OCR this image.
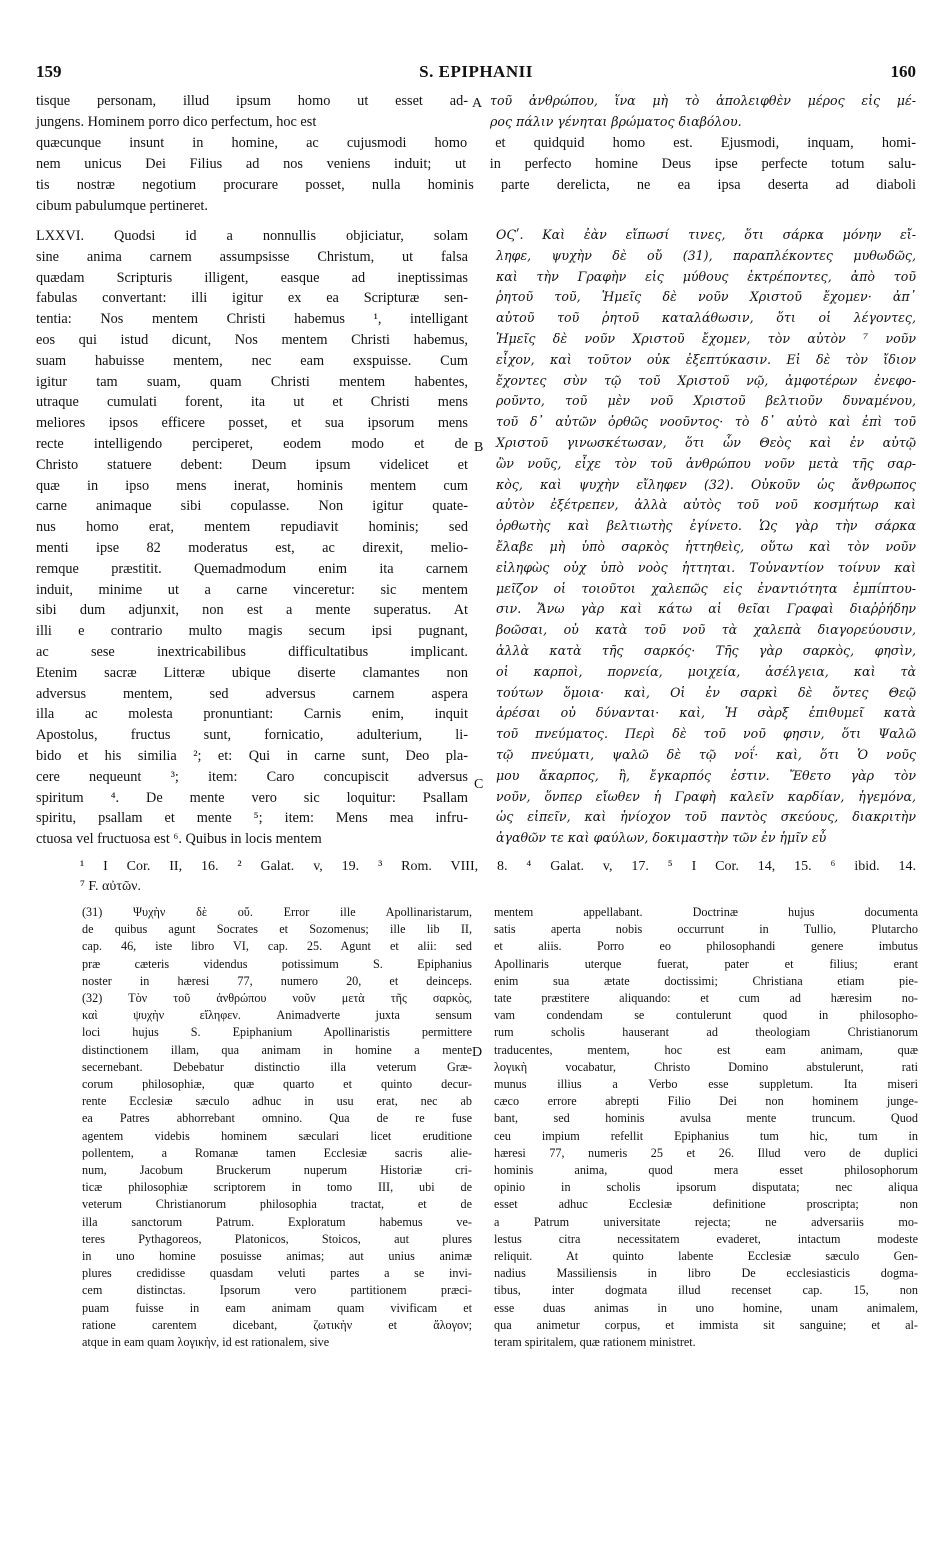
159	S. EPIPHANII	160
tisque personam, illud ipsum homo ut esset ad-
jungens. Hominem porro dico perfectum, hoc est
τοῦ ἀνθρώπου, ἵνα μὴ τὸ ἀπολειφθὲν μέρος εἰς μέ-
ρος πάλιν γένηται βρώματος διαβόλου.
A
quæcunque insunt in homine, ac cujusmodi homo et quidquid homo est. Ejusmodi, inquam, homi-
nem unicus Dei Filius ad nos veniens induit; ut in perfecto homine Deus ipse perfecte totum salu-
tis nostræ negotium procurare posset, nulla hominis parte derelicta, ne ea ipsa deserta ad diaboli
cibum pabulumque pertineret.
LXXVI. Quodsi id a nonnullis objiciatur, solam
sine anima carnem assumpsisse Christum, ut falsa
quædam Scripturis illigent, easque ad ineptissimas
fabulas convertant: illi igitur ex ea Scripturæ sen-
tentia: Nos mentem Christi habemus ¹, intelligant
eos qui istud dicunt, Nos mentem Christi habemus,
suam habuisse mentem, nec eam exspuisse. Cum
igitur tam suam, quam Christi mentem habentes,
utraque cumulati forent, ita ut et Christi mens
meliores ipsos efficere posset, et sua ipsorum mens
recte intelligendo perciperet, eodem modo et de
Christo statuere debent: Deum ipsum videlicet et
quæ in ipso mens inerat, hominis mentem cum
carne animaque sibi copulasse. Non igitur quate-
nus homo erat, mentem repudiavit hominis; sed
menti ipse 82 moderatus est, ac direxit, melio-
remque præstitit. Quemadmodum enim ita carnem
induit, minime ut a carne vinceretur: sic mentem
sibi dum adjunxit, non est a mente superatus. At
illi e contrario multo magis secum ipsi pugnant,
ac sese inextricabilibus difficultatibus implicant.
Etenim sacræ Litteræ ubique diserte clamantes non
adversus mentem, sed adversus carnem aspera
illa ac molesta pronuntiant: Carnis enim, inquit
Apostolus, fructus sunt, fornicatio, adulterium, li-
bido et his similia ²; et: Qui in carne sunt, Deo pla-
cere nequeunt ³; item: Caro concupiscit adversus
spiritum ⁴. De mente vero sic loquitur: Psallam
spiritu, psallam et mente ⁵; item: Mens mea infru-
ctuosa vel fructuosa est ⁶. Quibus in locis mentem
ΟϚʹ. Καὶ ἐὰν εἴπωσί τινες, ὅτι σάρκα μόνην εἴ-
ληφε, ψυχὴν δὲ οὔ (31), παραπλέκοντες μυθωδῶς,
καὶ τὴν Γραφὴν εἰς μύθους ἐκτρέποντες, ἀπὸ τοῦ
ῥητοῦ τοῦ, Ἡμεῖς δὲ νοῦν Χριστοῦ ἔχομεν· ἀπ᾽
αὐτοῦ τοῦ ῥητοῦ καταλάθωσιν, ὅτι οἱ λέγοντες,
Ἡμεῖς δὲ νοῦν Χριστοῦ ἔχομεν, τὸν αὐτὸν ⁷ νοῦν
εἶχον, καὶ τοῦτον οὐκ ἐξεπτύκασιν. Εἰ δὲ τὸν ἴδιον
ἔχοντες σὺν τῷ τοῦ Χριστοῦ νῷ, ἀμφοτέρων ἐνεφο-
ροῦντο, τοῦ μὲν νοῦ Χριστοῦ βελτιοῦν δυναμένου,
τοῦ δ᾽ αὐτῶν ὀρθῶς νοοῦντος· τὸ δ᾽ αὐτὸ καὶ ἐπὶ τοῦ
Χριστοῦ γινωσκέτωσαν, ὅτι ὧν Θεὸς καὶ ἐν αὐτῷ
ὢν νοῦς, εἶχε τὸν τοῦ ἀνθρώπου νοῦν μετὰ τῆς σαρ-
κὸς, καὶ ψυχὴν εἴληφεν (32). Οὐκοῦν ὡς ἄνθρωπος
αὐτὸν ἐξέτρεπεν, ἀλλὰ αὐτὸς τοῦ νοῦ κοσμήτωρ καὶ
ὀρθωτὴς καὶ βελτιωτὴς ἐγίνετο. Ὡς γὰρ τὴν σάρκα
ἔλαβε μὴ ὑπὸ σαρκὸς ἡττηθεὶς, οὕτω καὶ τὸν νοῦν
εἰληφὼς οὐχ ὑπὸ νοὸς ἡττηται. Τοὐναντίον τοίνυν καὶ
μεῖζον οἱ τοιοῦτοι χαλεπῶς εἰς ἐναντιότητα ἐμπίπτου-
σιν. Ἄνω γὰρ καὶ κάτω αἱ θεῖαι Γραφαὶ διαῤῥήδην
βοῶσαι, οὐ κατὰ τοῦ νοῦ τὰ χαλεπὰ διαγορεύουσιν,
ἀλλὰ κατὰ τῆς σαρκός· Τῆς γὰρ σαρκὸς, φησὶν,
οἱ καρποὶ, πορνεία, μοιχεία, ἀσέλγεια, καὶ τὰ
τούτων ὅμοια· καὶ, Οἱ ἐν σαρκὶ δὲ ὄντες Θεῷ
ἀρέσαι οὐ δύνανται· καὶ, Ἡ σὰρξ ἐπιθυμεῖ κατὰ
τοῦ πνεύματος. Περὶ δὲ τοῦ νοῦ φησιν, ὅτι Ψαλῶ
τῷ πνεύματι, ψαλῶ δὲ τῷ νοΐ· καὶ, ὅτι Ὁ νοῦς
μου ἄκαρπος, ἢ, ἔγκαρπός ἐστιν. Ἔθετο γὰρ τὸν
νοῦν, ὅνπερ εἴωθεν ἡ Γραφὴ καλεῖν καρδίαν, ἡγεμόνα,
ὡς εἰπεῖν, καὶ ἡνίοχον τοῦ παντὸς σκεύους, διακριτὴν
ἀγαθῶν τε καὶ φαύλων, δοκιμαστὴν τῶν ἐν ἡμῖν εὖ
B
C
¹ I Cor. II, 16. ² Galat. v, 19. ³ Rom. VIII, 8. ⁴ Galat. v, 17. ⁵ I Cor. 14, 15. ⁶ ibid. 14.
⁷ F. αὐτῶν.
(31) Ψυχὴν δὲ οὔ. Error ille Apollinaristarum,
de quibus agunt Socrates et Sozomenus; ille lib II,
cap. 46, iste libro VI, cap. 25. Agunt et alii: sed
præ cæteris videndus potissimum S. Epiphanius
noster in hæresi 77, numero 20, et deinceps.
(32) Τὸν τοῦ ἀνθρώπου νοῦν μετὰ τῆς σαρκὸς,
καὶ ψυχὴν εἴληφεν. Animadverte juxta sensum
loci hujus S. Epiphanium Apollinaristis permittere
distinctionem illam, qua animam in homine a mente
secernebant. Debebatur distinctio illa veterum Græ-
corum philosophiæ, quæ quarto et quinto decur-
rente Ecclesiæ sæculo adhuc in usu erat, nec ab
ea Patres abhorrebant omnino. Qua de re fuse
agentem videbis hominem sæculari licet eruditione
pollentem, a Romanæ tamen Ecclesiæ sacris alie-
num, Jacobum Bruckerum nuperum Historiæ cri-
ticæ philosophiæ scriptorem in tomo III, ubi de
veterum Christianorum philosophia tractat, et de
illa sanctorum Patrum. Exploratum habemus ve-
teres Pythagoreos, Platonicos, Stoicos, aut plures
in uno homine posuisse animas; aut unius animæ
plures credidisse quasdam veluti partes a se invi-
cem distinctas. Ipsorum vero partitionem præci-
puam fuisse in eam animam quam vivificam et
ratione carentem dicebant, ζωτικὴν et ἄλογον;
atque in eam quam λογικὴν, id est rationalem, sive
mentem appellabant. Doctrinæ hujus documenta
satis aperta nobis occurrunt in Tullio, Plutarcho
et aliis. Porro eo philosophandi genere imbutus
Apollinaris uterque fuerat, pater et filius; erant
enim sua ætate doctissimi; Christiana etiam pie-
tate præstitere aliquando: et cum ad hæresim no-
vam condendam se contulerunt quod in philosopho-
rum scholis hauserant ad theologiam Christianorum
traducentes, mentem, hoc est eam animam, quæ
λογικὴ vocabatur, Christo Domino abstulerunt, rati
munus illius a Verbo esse suppletum. Ita miseri
cæco errore abrepti Filio Dei non hominem junge-
bant, sed hominis avulsa mente truncum. Quod
ceu impium refellit Epiphanius tum hic, tum in
hæresi 77, numeris 25 et 26. Illud vero de duplici
hominis anima, quod mera esset philosophorum
opinio in scholis ipsorum disputata; nec aliqua
esset adhuc Ecclesiæ definitione proscripta; non
a Patrum universitate rejecta; ne adversariis mo-
lestus citra necessitatem evaderet, intactum modeste
reliquit. At quinto labente Ecclesiæ sæculo Gen-
nadius Massiliensis in libro De ecclesiasticis dogma-
tibus, inter dogmata illud recenset cap. 15, non
esse duas animas in uno homine, unam animalem,
qua animetur corpus, et immista sit sanguine; et al-
teram spiritalem, quæ rationem ministret.
D
